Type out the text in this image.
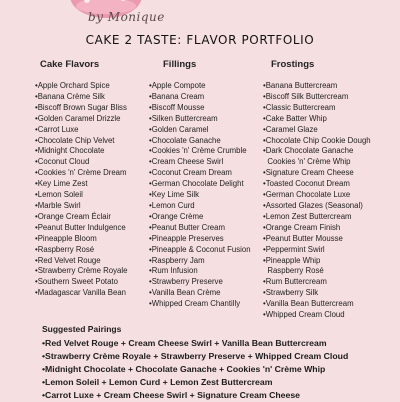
by Monique
CAKE 2 TASTE: FLAVOR PORTFOLIO
Cake Flavors
• Apple Orchard Spice
• Banana Crème Silk
• Biscoff Brown Sugar Bliss
• Golden Caramel Drizzle
• Carrot Luxe
• Chocolate Chip Velvet
• Midnight Chocolate
• Coconut Cloud
• Cookies 'n' Crème Dream
• Key Lime Zest
• Lemon Soleil
• Marble Swirl
• Orange Cream Éclair
• Peanut Butter Indulgence
• Pineapple Bloom
• Raspberry Rosé
• Red Velvet Rouge
• Strawberry Crème Royale
• Southern Sweet Potato
• Madagascar Vanilla Bean
Fillings
• Apple Compote
• Banana Cream
• Biscoff Mousse
• Silken Buttercream
• Golden Caramel
• Chocolate Ganache
• Cookies 'n' Crème Crumble
• Cream Cheese Swirl
• Coconut Cream Dream
• German Chocolate Delight
• Key Lime Silk
• Lemon Curd
• Orange Crème
• Peanut Butter Cream
• Pineapple Preserves
• Pineapple & Coconut Fusion
• Raspberry Jam
• Rum Infusion
• Strawberry Preserve
• Vanilla Bean Crème
• Whipped Cream Chantilly
Frostings
• Banana Buttercream
• Biscoff Silk Buttercream
• Classic Buttercream
• Cake Batter Whip
• Caramel Glaze
• Chocolate Chip Cookie Dough
• Dark Chocolate Ganache
Cookies 'n' Crème Whip
• Signature Cream Cheese
• Toasted Coconut Dream
• German Chocolate Luxe
• Assorted Glazes (Seasonal)
• Lemon Zest Buttercream
• Orange Cream Finish
• Peanut Butter Mousse
• Peppermint Swirl
• Pineapple Whip
Raspberry Rosé
• Rum Buttercream
• Strawberry Silk
• Vanilla Bean Buttercream
• Whipped Cream Cloud
Suggested Pairings
• Red Velvet Rouge + Cream Cheese Swirl + Vanilla Bean Buttercream
• Strawberry Crème Royale + Strawberry Preserve + Whipped Cream Cloud
• Midnight Chocolate + Chocolate Ganache + Cookies 'n' Crème Whip
• Lemon Soleil + Lemon Curd + Lemon Zest Buttercream
• Carrot Luxe + Cream Cheese Swirl + Signature Cream Cheese
